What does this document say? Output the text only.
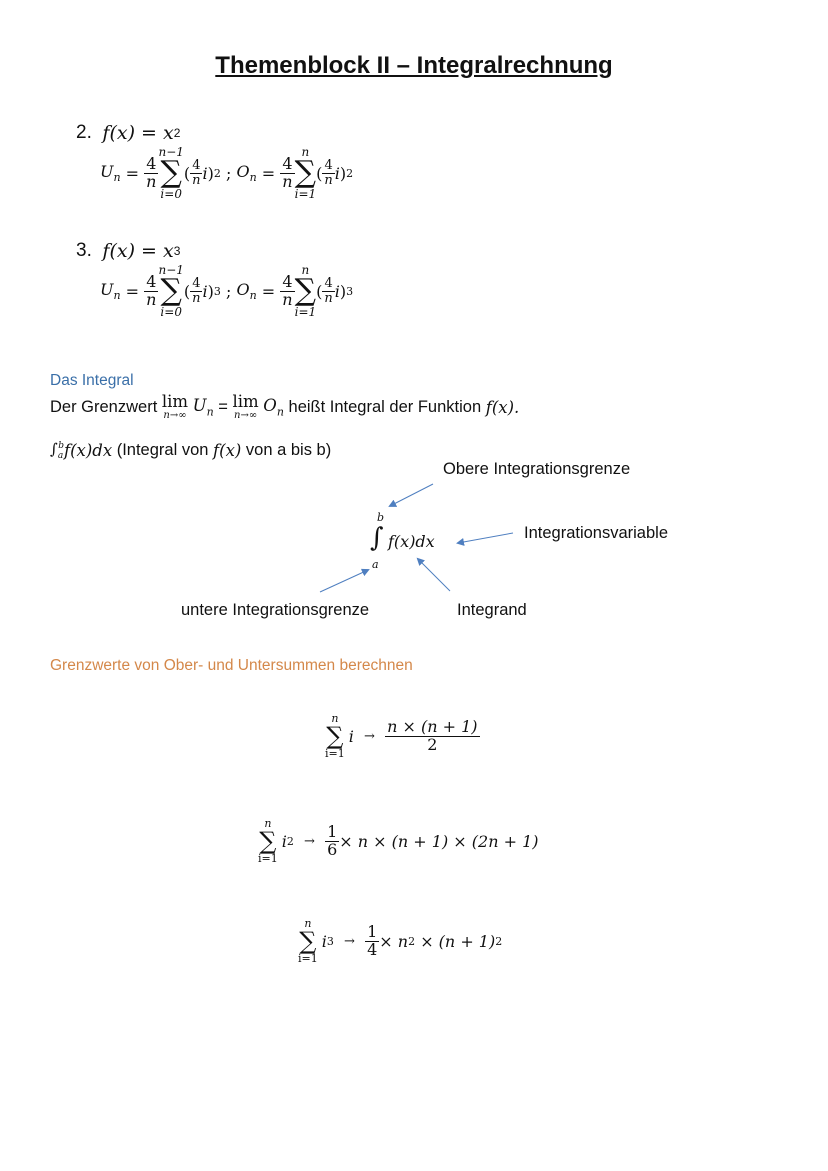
Themenblock II – Integralrechnung
2.
f(x) = x 2
$U_n$
=
$\frac{4}{n}$
n−1
∑
i=0
( $\frac{4}{n}$ i ) 2
;
$O_n$
=
$\frac{4}{n}$
n
∑
i=1
( $\frac{4}{n}$ i ) 2
3.
f(x) = x 3
$U_n$
=
$\frac{4}{n}$
n−1
∑
i=0
( $\frac{4}{n}$ i ) 3
;
$O_n$
=
$\frac{4}{n}$
n
∑
i=1
( $\frac{4}{n}$ i ) 3
Das Integral
Der Grenzwert
lim
n→∞
$U_n$
=
lim
n→∞
$O_n$
heißt Integral der Funktion
f(x).
$\int_a^b$ f(x)dx
(Integral von
f(x)
von a bis b)
Obere Integrationsgrenze
Integrationsvariable
untere Integrationsgrenze	Integrand
b
∫
a
f(x)dx
Grenzwerte von Ober- und Untersummen berechnen
n
∑
i=1
i
→
$\frac{n \times (n + 1)}{2}$
n
∑
i=1
i 2
→
$\frac{1}{6} \times n \times (n + 1) \times (2n + 1)$
n
∑
i=1
i 3
→
$\frac{1}{4} \times n$ 2
× (n + 1) 2
